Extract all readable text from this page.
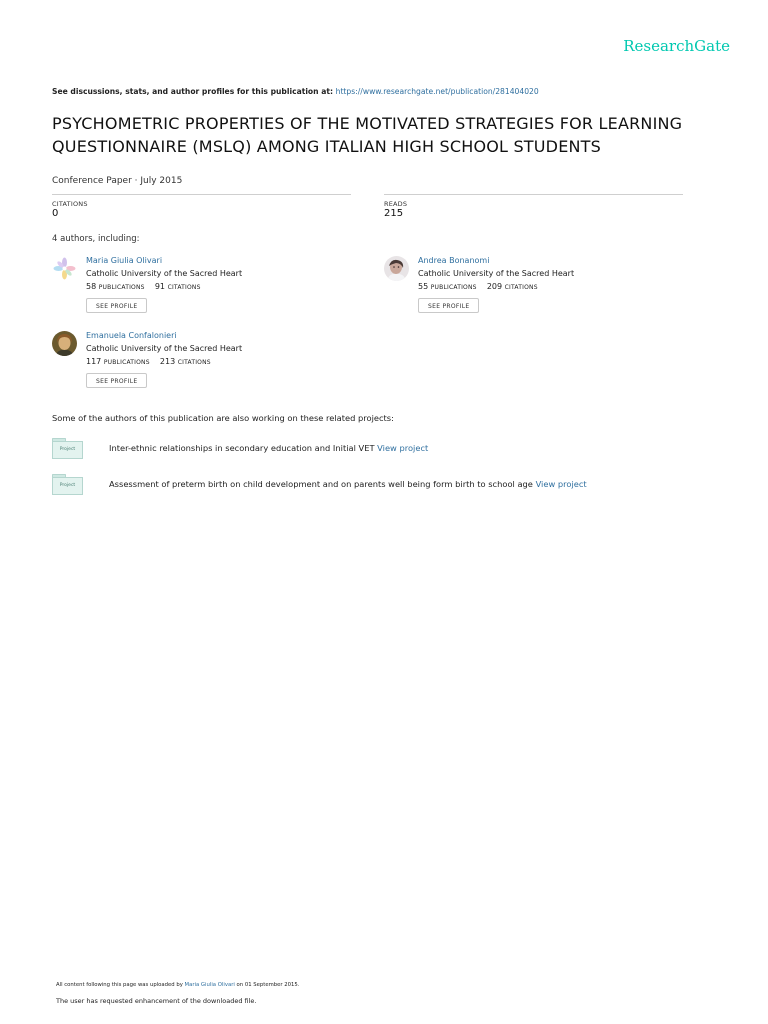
ResearchGate
See discussions, stats, and author profiles for this publication at: https://www.researchgate.net/publication/281404020
PSYCHOMETRIC PROPERTIES OF THE MOTIVATED STRATEGIES FOR LEARNING
QUESTIONNAIRE (MSLQ) AMONG ITALIAN HIGH SCHOOL STUDENTS
Conference Paper · July 2015
CITATIONS
0
READS
215
4 authors, including:
Maria Giulia Olivari
Catholic University of the Sacred Heart
58 PUBLICATIONS 91 CITATIONS
SEE PROFILE
Andrea Bonanomi
Catholic University of the Sacred Heart
55 PUBLICATIONS 209 CITATIONS
SEE PROFILE
Emanuela Confalonieri
Catholic University of the Sacred Heart
117 PUBLICATIONS 213 CITATIONS
SEE PROFILE
Some of the authors of this publication are also working on these related projects:
Project	Inter-ethnic relationships in secondary education and Initial VET View project
Project	Assessment of preterm birth on child development and on parents well being form birth to school age View project
All content following this page was uploaded by Maria Giulia Olivari on 01 September 2015.
The user has requested enhancement of the downloaded file.
